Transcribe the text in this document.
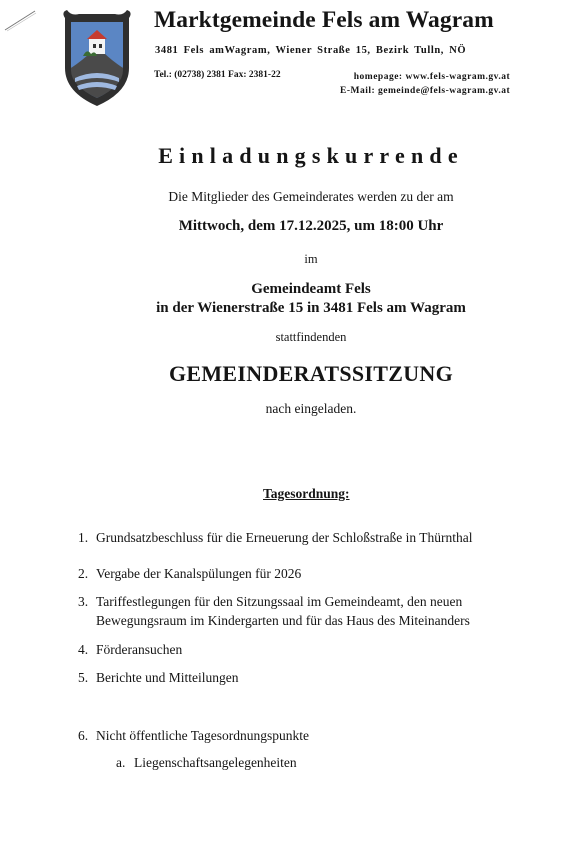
Marktgemeinde Fels am Wagram
3481 Fels amWagram, Wiener Straße 15, Bezirk Tulln, NÖ
Tel.: (02738) 2381 Fax: 2381-22	homepage: www.fels-wagram.gv.at
E-Mail: gemeinde@fels-wagram.gv.at
Einladungskurrende
Die Mitglieder des Gemeinderates werden zu der am
Mittwoch, dem 17.12.2025, um 18:00 Uhr
im
Gemeindeamt Fels
in der Wienerstraße 15 in 3481 Fels am Wagram
stattfindenden
GEMEINDERATSSITZUNG
nach eingeladen.
Tagesordnung:
1. Grundsatzbeschluss für die Erneuerung der Schloßstraße in Thürnthal
2. Vergabe der Kanalspülungen für 2026
3. Tariffestlegungen für den Sitzungssaal im Gemeindeamt, den neuen
Bewegungsraum im Kindergarten und für das Haus des Miteinanders
4. Förderansuchen
5. Berichte und Mitteilungen
6. Nicht öffentliche Tagesordnungspunkte
a. Liegenschaftsangelegenheiten
